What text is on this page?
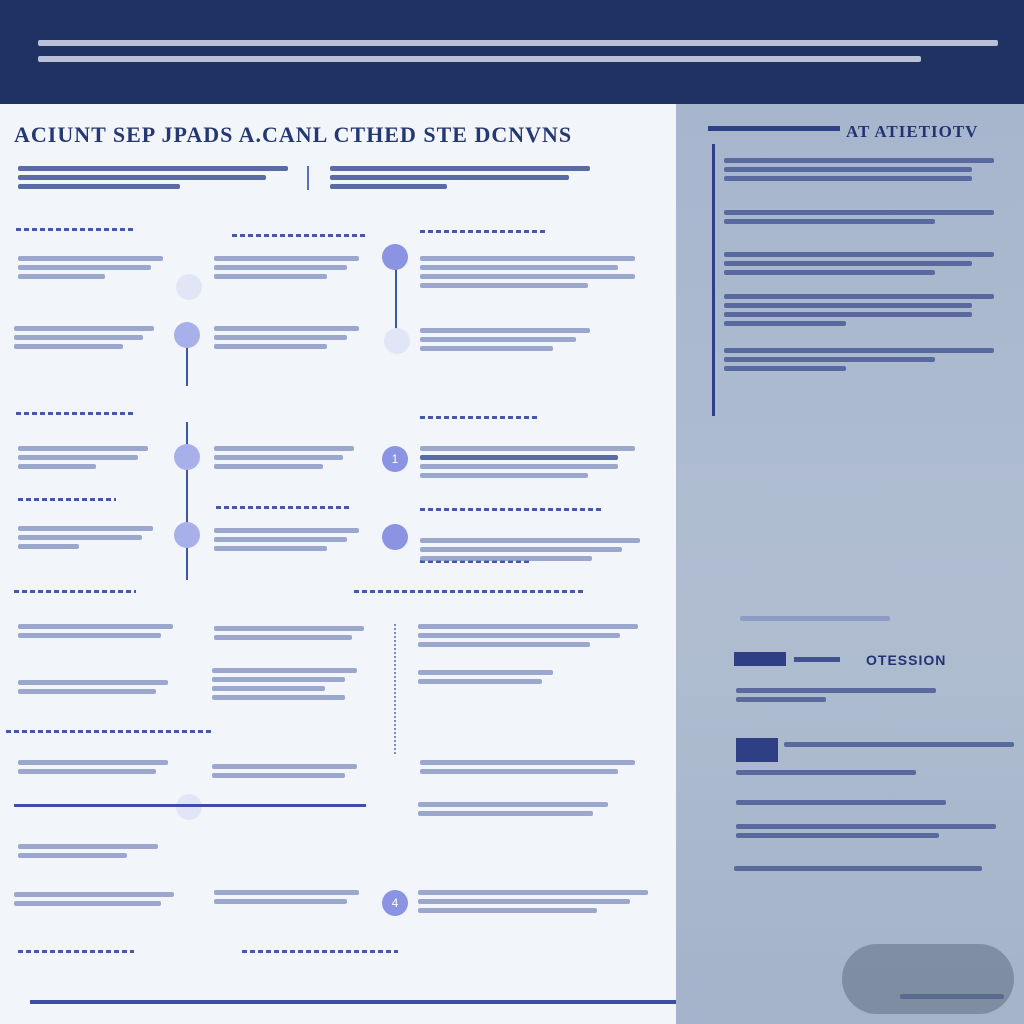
ACIUNT SEP JPADS A.CANL CTHED STE DCNVNS
1
4
AT ATIETIOTV
OTESSION
